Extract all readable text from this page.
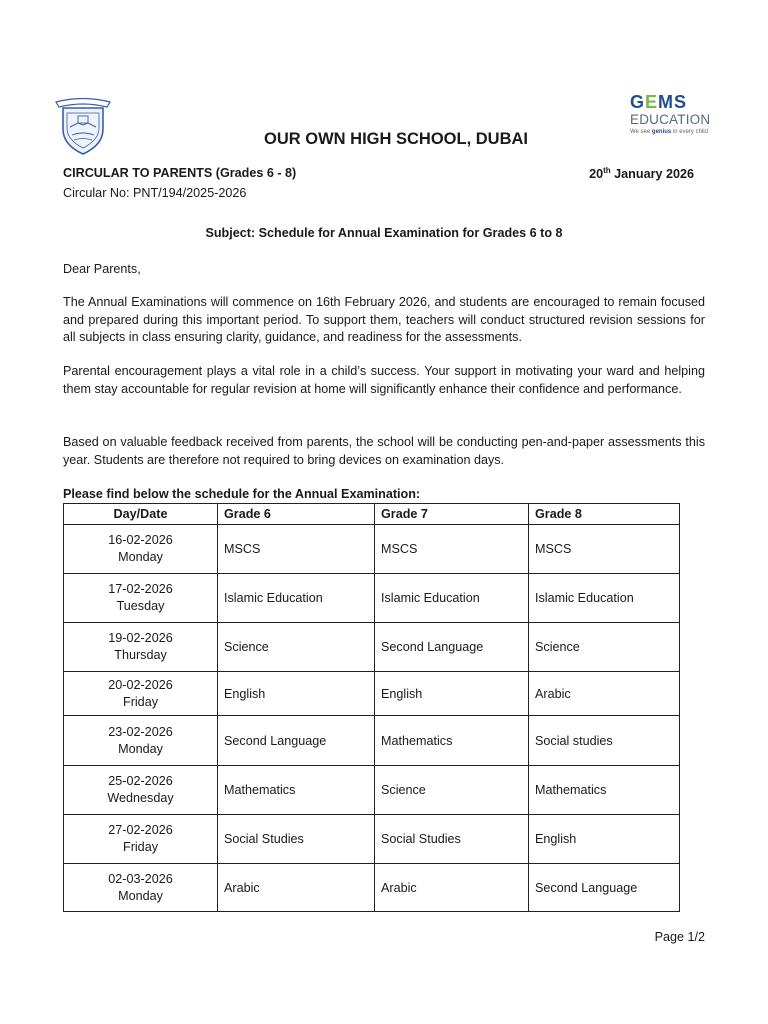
GEMS
EDUCATION
We see genius in every child
OUR OWN HIGH SCHOOL, DUBAI
CIRCULAR TO PARENTS (Grades 6 - 8)	20th January 2026
Circular No: PNT/194/2025-2026
Subject: Schedule for Annual Examination for Grades 6 to 8
Dear Parents,
The Annual Examinations will commence on 16th February 2026, and students are encouraged to remain focused and prepared during this important period. To support them, teachers will conduct structured revision sessions for all subjects in class ensuring clarity, guidance, and readiness for the assessments.
Parental encouragement plays a vital role in a child’s success. Your support in motivating your ward and helping them stay accountable for regular revision at home will significantly enhance their confidence and performance.
Based on valuable feedback received from parents, the school will be conducting pen-and-paper assessments this year. Students are therefore not required to bring devices on examination days.
Please find below the schedule for the Annual Examination:
Day/Date	Grade 6	Grade 7	Grade 8
16-02-2026
Monday	MSCS	MSCS	MSCS
17-02-2026
Tuesday	Islamic Education	Islamic Education	Islamic Education
19-02-2026
Thursday	Science	Second Language	Science
20-02-2026
Friday	English	English	Arabic
23-02-2026
Monday	Second Language	Mathematics	Social studies
25-02-2026
Wednesday	Mathematics	Science	Mathematics
27-02-2026
Friday	Social Studies	Social Studies	English
02-03-2026
Monday	Arabic	Arabic	Second Language
Page 1/2
